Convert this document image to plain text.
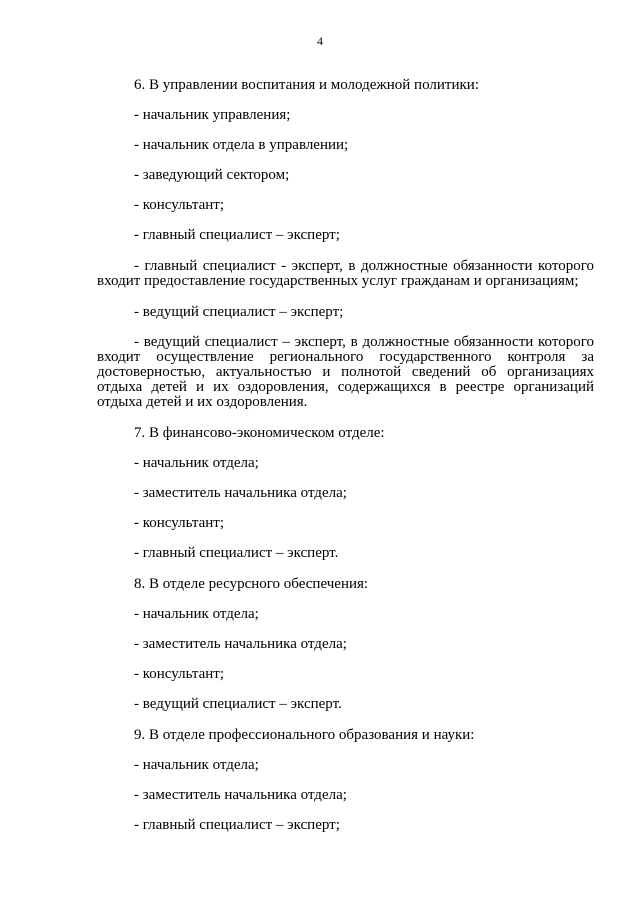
4
6. В управлении воспитания и молодежной политики:
- начальник управления;
- начальник отдела в управлении;
- заведующий сектором;
- консультант;
- главный специалист – эксперт;
- главный специалист - эксперт, в должностные обязанности которого входит предоставление государственных услуг гражданам и организациям;
- ведущий специалист – эксперт;
- ведущий специалист – эксперт, в должностные обязанности которого входит осуществление регионального государственного контроля за достоверностью, актуальностью и полнотой сведений об организациях отдыха детей и их оздоровления, содержащихся в реестре организаций отдыха детей и их оздоровления.
7. В финансово-экономическом отделе:
- начальник отдела;
- заместитель начальника отдела;
- консультант;
- главный специалист – эксперт.
8. В отделе ресурсного обеспечения:
- начальник отдела;
- заместитель начальника отдела;
- консультант;
- ведущий специалист – эксперт.
9. В отделе профессионального образования и науки:
- начальник отдела;
- заместитель начальника отдела;
- главный специалист – эксперт;
